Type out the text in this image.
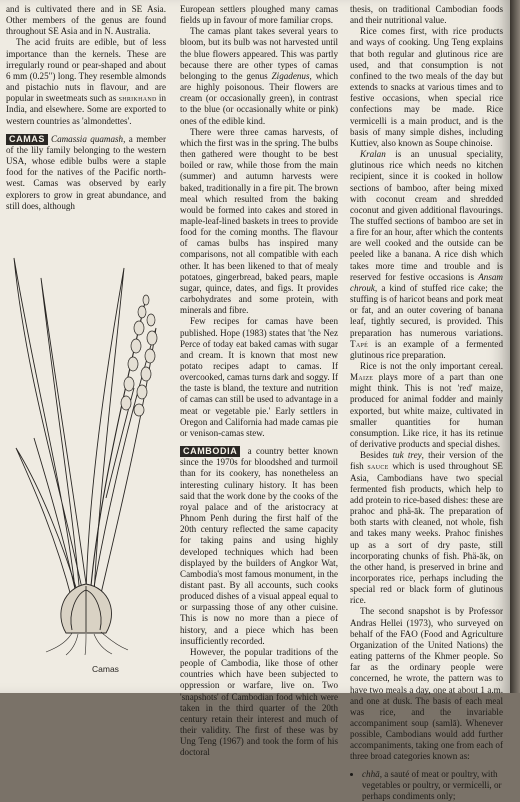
and is cultivated there and in SE Asia. Other members of the genus are found throughout SE Asia and in N. Australia.

The acid fruits are edible, but of less importance than the kernels. These are irregularly round or pear-shaped and about 6 mm (0.25") long. They resemble almonds and pistachio nuts in flavour, and are popular in sweetmeats such as shrikhand in India, and elsewhere. Some are exported to western countries as 'almondettes'.

CAMAS Camassia quamash, a member of the lily family belonging to the western USA, whose edible bulbs were a staple food for the natives of the Pacific north-west. Camas was observed by early explorers to grow in great abundance, and still does, although

Camas

European settlers ploughed many camas fields up in favour of more familiar crops.

The camas plant takes several years to bloom, but its bulb was not harvested until the blue flowers appeared. This was partly because there are other types of camas belonging to the genus Zigadenus, which are highly poisonous. Their flowers are cream (or occasionally green), in contrast to the blue (or occasionally white or pink) ones of the edible kind.

There were three camas harvests, of which the first was in the spring. The bulbs then gathered were thought to be best boiled or raw, while those from the main (summer) and autumn harvests were baked, traditionally in a fire pit. The brown meal which resulted from the baking would be formed into cakes and stored in maple-leaf-lined baskets in trees to provide food for the coming months. The flavour of camas bulbs has inspired many comparisons, not all compatible with each other. It has been likened to that of mealy potatoes, gingerbread, baked pears, maple sugar, quince, dates, and figs. It provides carbohydrates and some protein, with minerals and fibre.

Few recipes for camas have been published. Hope (1983) states that 'the Nez Perce of today eat baked camas with sugar and cream. It is known that most new potato recipes adapt to camas. If overcooked, camas turns dark and soggy. If the taste is bland, the texture and nutrition of camas can still be used to advantage in a meat or vegetable pie.' Early settlers in Oregon and California had made camas pie or venison-camas stew.

CAMBODIA a country better known since the 1970s for bloodshed and turmoil than for its cookery, has nonetheless an interesting culinary history. It has been said that the work done by the cooks of the royal palace and of the aristocracy at Phnom Penh during the first half of the 20th century reflected the same capacity for taking pains and using highly developed techniques which had been displayed by the builders of Angkor Wat, Cambodia's most famous monument, in the distant past. By all accounts, such cooks produced dishes of a visual appeal equal to or surpassing those of any other cuisine. This is now no more than a piece of history, and a piece which has been insufficiently recorded.

However, the popular traditions of the people of Cambodia, like those of other countries which have been subjected to oppression or warfare, live on. Two 'snapshots' of Cambodian food which were taken in the third quarter of the 20th century retain their interest and much of their validity. The first of these was by Ung Teng (1967) and took the form of his doctoral

thesis, on traditional Cambodian foods and their nutritional value.

Rice comes first, with rice products and ways of cooking. Ung Teng explains that both regular and glutinous rice are used, and that consumption is not confined to the two meals of the day but extends to snacks at various times and to festive occasions, when special rice confections may be made. Rice vermicelli is a main product, and is the basis of many simple dishes, including Kuttiev, also known as Soupe chinoise.

Kralan is an unusual speciality, glutinous rice which needs no kitchen recipient, since it is cooked in hollow sections of bamboo, after being mixed with coconut cream and shredded coconut and given additional flavourings. The stuffed sections of bamboo are set in a fire for an hour, after which the contents are well cooked and the outside can be peeled like a banana. A rice dish which takes more time and trouble and is reserved for festive occasions is Ansam chrouk, a kind of stuffed rice cake; the stuffing is of haricot beans and pork meat or fat, and an outer covering of banana leaf, tightly secured, is provided. This preparation has numerous variations. Tapé is an example of a fermented glutinous rice preparation.

Rice is not the only important cereal. Maize plays more of a part than one might think. This is not 'red' maize, produced for animal fodder and mainly exported, but white maize, cultivated in smaller quantities for human consumption. Like rice, it has its retinue of derivative products and special dishes.

Besides tuk trey, their version of the fish sauce which is used throughout SE Asia, Cambodians have two special fermented fish products, which help to add protein to rice-based dishes: these are prahoc and phä-āk. The preparation of both starts with cleaned, not whole, fish and takes many weeks. Prahoc finishes up as a sort of dry paste, still incorporating chunks of fish. Phä-āk, on the other hand, is preserved in brine and incorporates rice, perhaps including the special red or black form of glutinous rice.

The second snapshot is by Professor Andras Hellei (1973), who surveyed on behalf of the FAO (Food and Agriculture Organization of the United Nations) the eating patterns of the Khmer people. So far as the ordinary people were concerned, he wrote, the pattern was to have two meals a day, one at about 1 a.m. and one at dusk. The basis of each meal was rice, and the invariable accompaniment soup (samlā). Whenever possible, Cambodians would add further accompaniments, taking one from each of three broad categories known as:

• chhā, a sauté of meat or poultry, with vegetables or poultry, or vermicelli, or perhaps condiments only;
